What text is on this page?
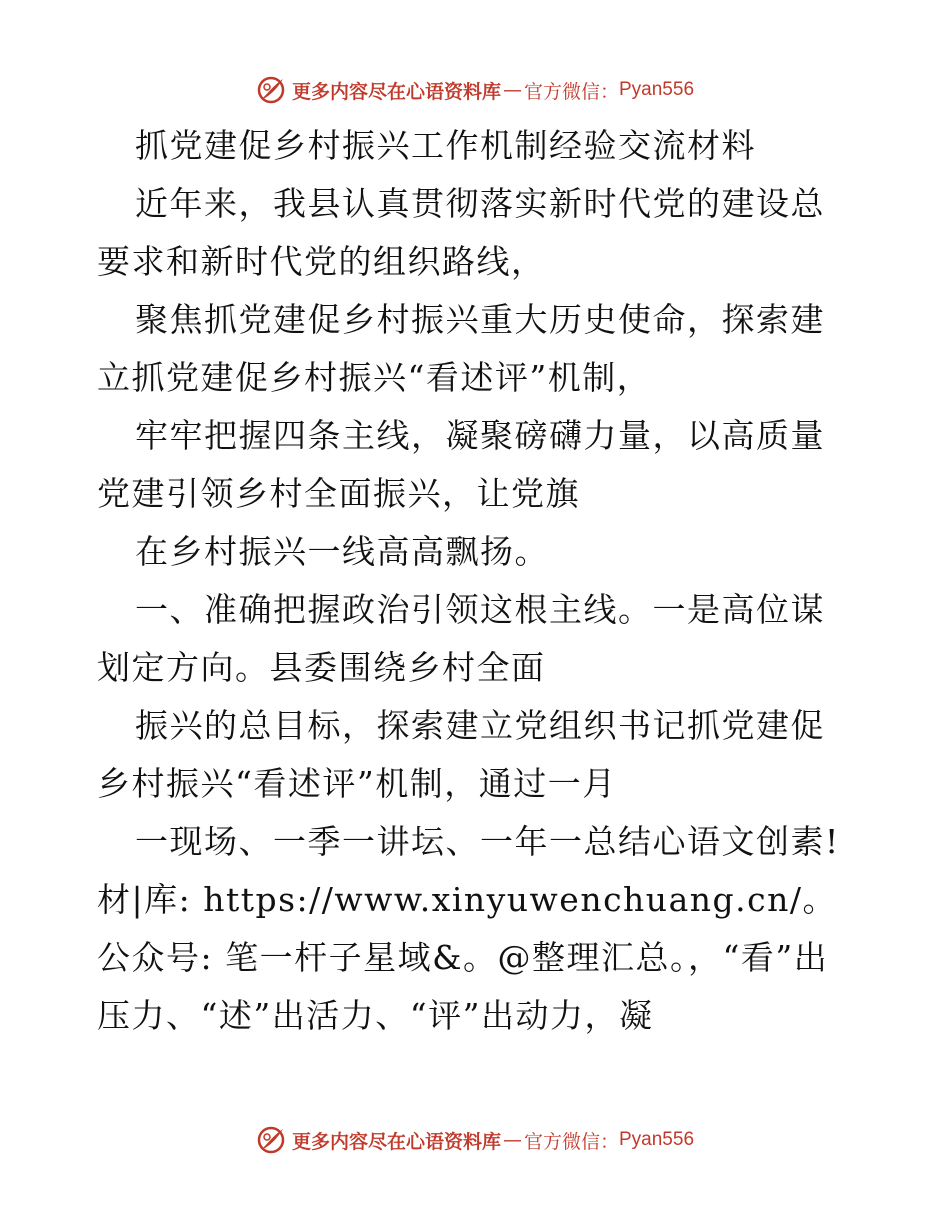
更多内容尽在心语资料库 — 官方微信： Pyan556

抓党建促乡村振兴工作机制经验交流材料

近年来，我县认真贯彻落实新时代党的建设总要求和新时代党的组织路线，

聚焦抓党建促乡村振兴重大历史使命，探索建立抓党建促乡村振兴“看述评”机制，

牢牢把握四条主线，凝聚磅礴力量，以高质量党建引领乡村全面振兴，让党旗

在乡村振兴一线高高飘扬。

一、准确把握政治引领这根主线。一是高位谋划定方向。县委围绕乡村全面

振兴的总目标，探索建立党组织书记抓党建促乡村振兴“看述评”机制，通过一月

一现场、一季一讲坛、一年一总结心语文创素!材|库: https://www.xinyuwenchuang.cn/。公众号: 笔一杆子星域&。@整理汇总。，“看”出压力、“述”出活力、“评”出动力，凝

更多内容尽在心语资料库 — 官方微信： Pyan556
